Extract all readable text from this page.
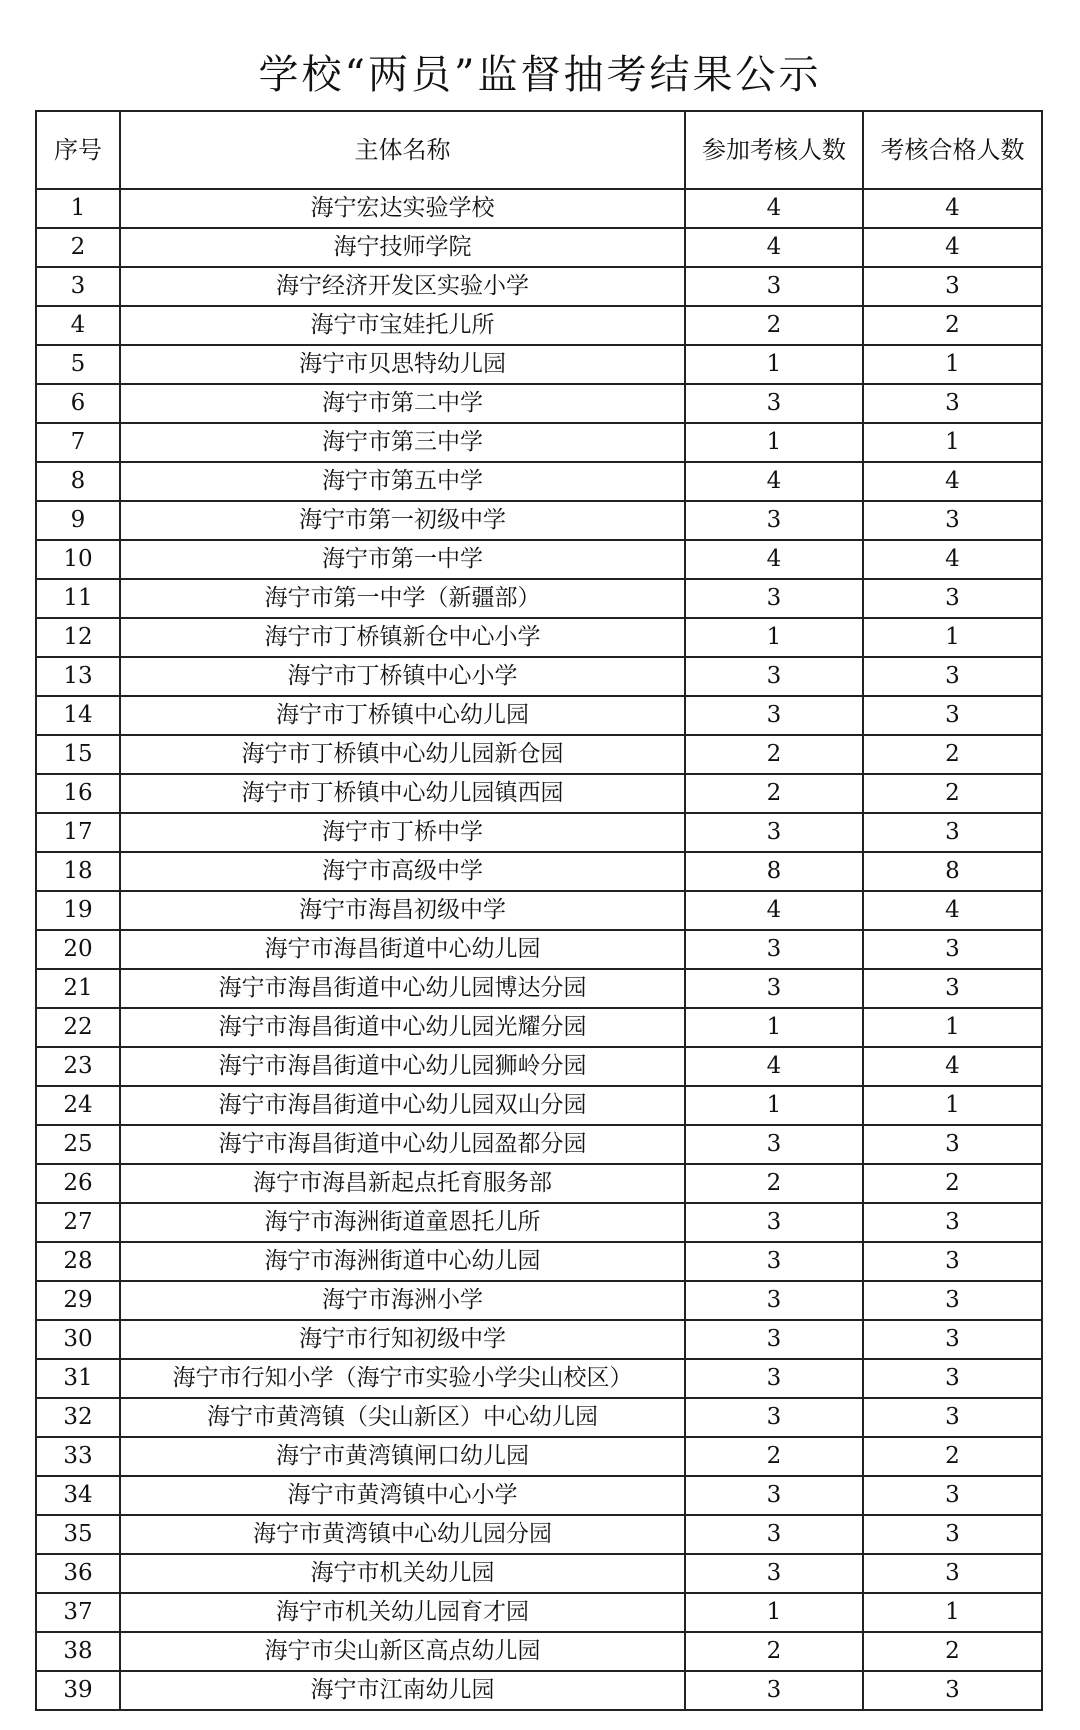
学校“两员”监督抽考结果公示
序号	主体名称	参加考核人数	考核合格人数
1	海宁宏达实验学校	4	4
2	海宁技师学院	4	4
3	海宁经济开发区实验小学	3	3
4	海宁市宝娃托儿所	2	2
5	海宁市贝思特幼儿园	1	1
6	海宁市第二中学	3	3
7	海宁市第三中学	1	1
8	海宁市第五中学	4	4
9	海宁市第一初级中学	3	3
10	海宁市第一中学	4	4
11	海宁市第一中学（新疆部）	3	3
12	海宁市丁桥镇新仓中心小学	1	1
13	海宁市丁桥镇中心小学	3	3
14	海宁市丁桥镇中心幼儿园	3	3
15	海宁市丁桥镇中心幼儿园新仓园	2	2
16	海宁市丁桥镇中心幼儿园镇西园	2	2
17	海宁市丁桥中学	3	3
18	海宁市高级中学	8	8
19	海宁市海昌初级中学	4	4
20	海宁市海昌街道中心幼儿园	3	3
21	海宁市海昌街道中心幼儿园博达分园	3	3
22	海宁市海昌街道中心幼儿园光耀分园	1	1
23	海宁市海昌街道中心幼儿园狮岭分园	4	4
24	海宁市海昌街道中心幼儿园双山分园	1	1
25	海宁市海昌街道中心幼儿园盈都分园	3	3
26	海宁市海昌新起点托育服务部	2	2
27	海宁市海洲街道童恩托儿所	3	3
28	海宁市海洲街道中心幼儿园	3	3
29	海宁市海洲小学	3	3
30	海宁市行知初级中学	3	3
31	海宁市行知小学（海宁市实验小学尖山校区）	3	3
32	海宁市黄湾镇（尖山新区）中心幼儿园	3	3
33	海宁市黄湾镇闸口幼儿园	2	2
34	海宁市黄湾镇中心小学	3	3
35	海宁市黄湾镇中心幼儿园分园	3	3
36	海宁市机关幼儿园	3	3
37	海宁市机关幼儿园育才园	1	1
38	海宁市尖山新区高点幼儿园	2	2
39	海宁市江南幼儿园	3	3
